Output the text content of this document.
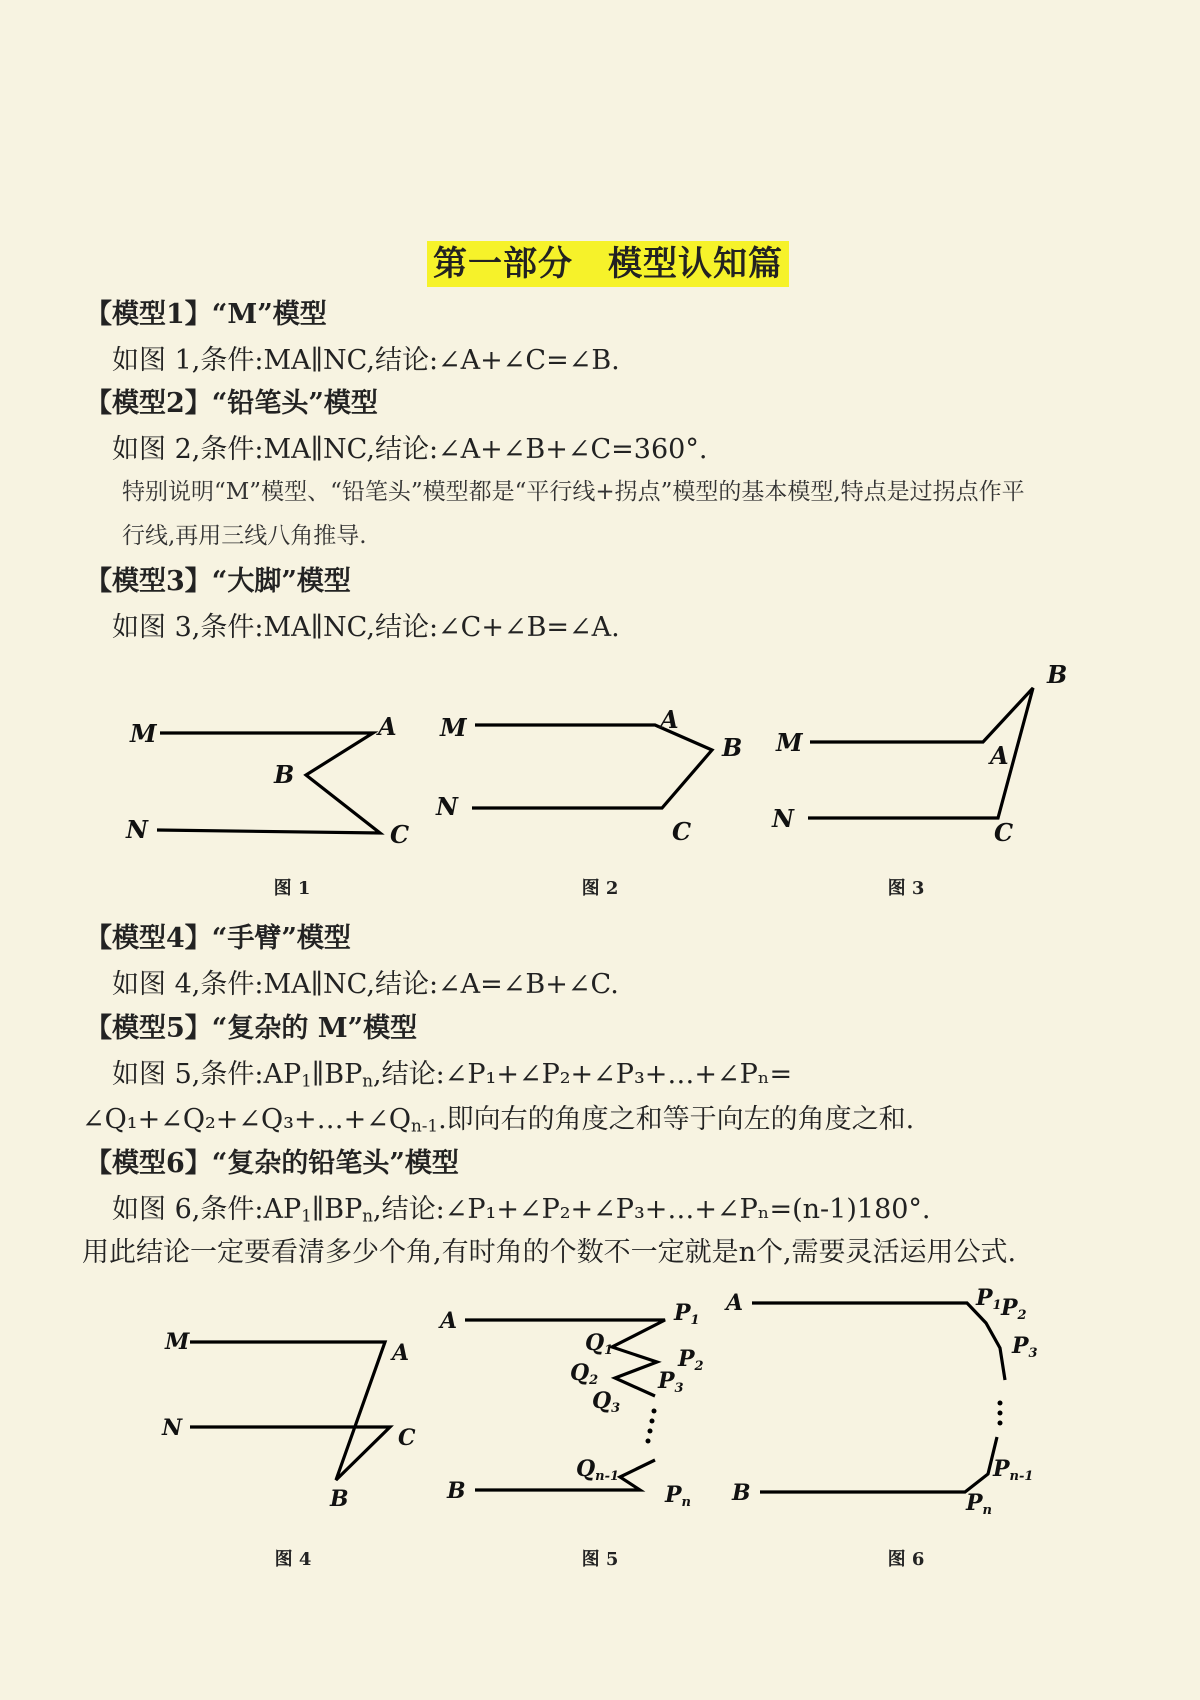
第一部分　模型认知篇
【模型1】“M”模型
如图 1,条件:MA∥NC,结论:∠A+∠C=∠B.
【模型2】“铅笔头”模型
如图 2,条件:MA∥NC,结论:∠A+∠B+∠C=360°.
特别说明“M”模型、“铅笔头”模型都是“平行线+拐点”模型的基本模型,特点是过拐点作平
行线,再用三线八角推导.
【模型3】“大脚”模型
如图 3,条件:MA∥NC,结论:∠C+∠B=∠A.
M	A
B
N	C
M	A
B
N
C
B
M	A
N	C
图 1	图 2	图 3
【模型4】“手臂”模型
如图 4,条件:MA∥NC,结论:∠A=∠B+∠C.
【模型5】“复杂的 M”模型
如图 5,条件$:AP_1\parallel BP_n$,结论:∠P₁+∠P₂+∠P₃+…+∠Pₙ=
$\angle Q_1+\angle Q_2+\angle Q_3+\dots+\angle Q_{n-1}$.即向右的角度之和等于向左的角度之和.
【模型6】“复杂的铅笔头”模型
如图 6,条件$:AP_1\parallel BP_n$,结论:∠P₁+∠P₂+∠P₃+…+∠Pₙ=(n-1)180°.
用此结论一定要看清多少个角,有时角的个数不一定就是n个,需要灵活运用公式.
M	A
N	C
B
A
B
P1
P2
P3
Pn
Q1
Q2
Q3
Qn-1
A
B
P1 P2
P3
Pn-1
Pn
图 4	图 5	图 6
